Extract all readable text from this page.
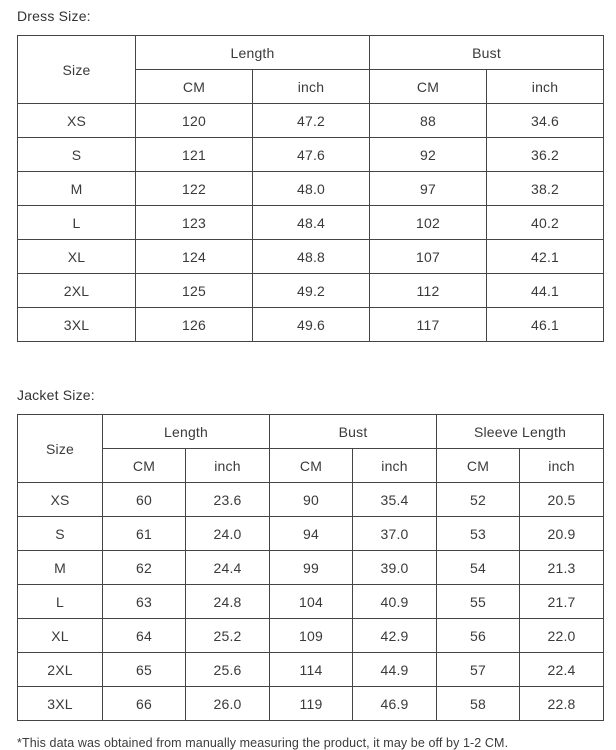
Dress Size:
Size	Length		Bust	
	CM	inch	CM	inch
XS	120	47.2	88	34.6
S	121	47.6	92	36.2
M	122	48.0	97	38.2
L	123	48.4	102	40.2
XL	124	48.8	107	42.1
2XL	125	49.2	112	44.1
3XL	126	49.6	117	46.1
Jacket Size:
Size	Length		Bust		Sleeve Length	
	CM	inch	CM	inch	CM	inch
XS	60	23.6	90	35.4	52	20.5
S	61	24.0	94	37.0	53	20.9
M	62	24.4	99	39.0	54	21.3
L	63	24.8	104	40.9	55	21.7
XL	64	25.2	109	42.9	56	22.0
2XL	65	25.6	114	44.9	57	22.4
3XL	66	26.0	119	46.9	58	22.8
*This data was obtained from manually measuring the product, it may be off by 1-2 CM.
